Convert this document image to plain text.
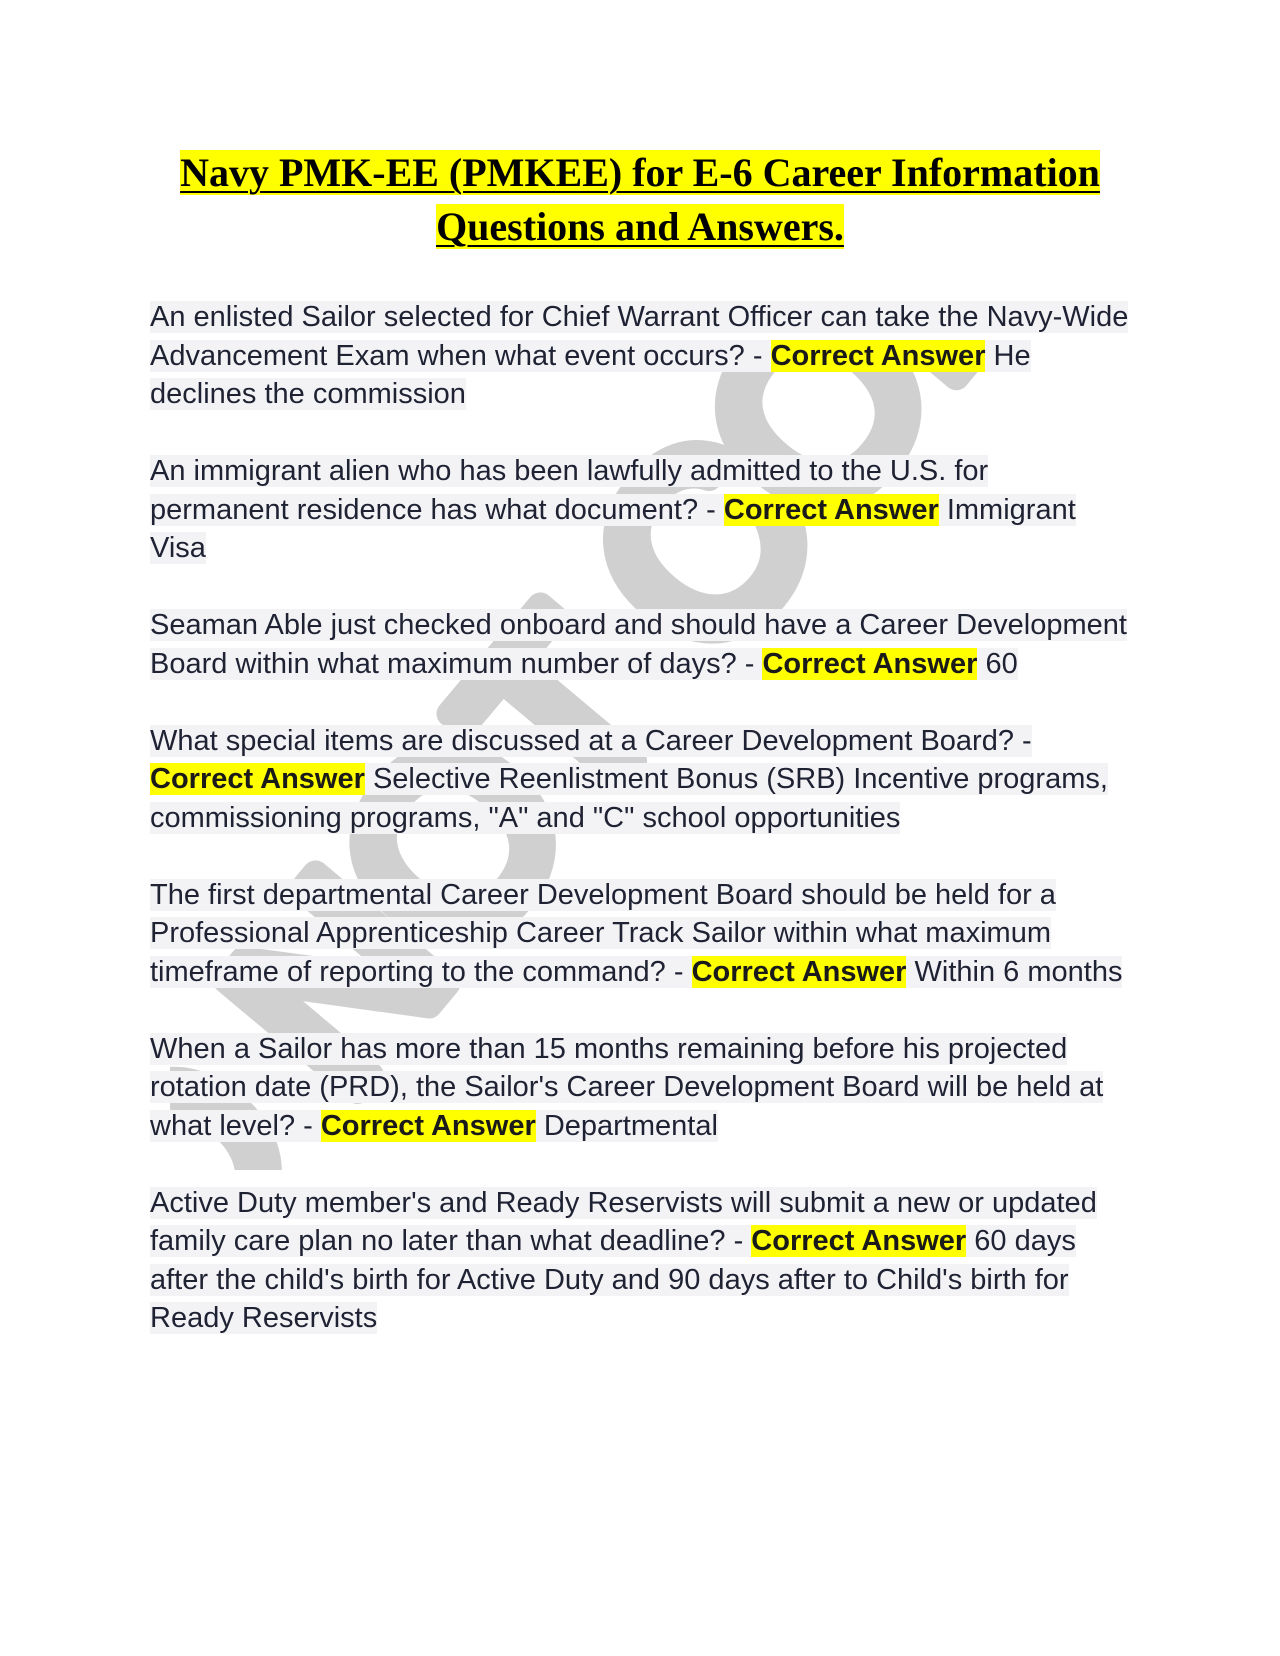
Navy PMK-EE (PMKEE) for E-6 Career Information Questions and Answers.

An enlisted Sailor selected for Chief Warrant Officer can take the Navy-Wide Advancement Exam when what event occurs? - Correct Answer He declines the commission

An immigrant alien who has been lawfully admitted to the U.S. for permanent residence has what document? - Correct Answer Immigrant Visa

Seaman Able just checked onboard and should have a Career Development Board within what maximum number of days? - Correct Answer 60

What special items are discussed at a Career Development Board? - Correct Answer Selective Reenlistment Bonus (SRB) Incentive programs, commissioning programs, "A" and "C" school opportunities

The first departmental Career Development Board should be held for a Professional Apprenticeship Career Track Sailor within what maximum timeframe of reporting to the command? - Correct Answer Within 6 months

When a Sailor has more than 15 months remaining before his projected rotation date (PRD), the Sailor's Career Development Board will be held at what level? - Correct Answer Departmental

Active Duty member's and Ready Reservists will submit a new or updated family care plan no later than what deadline? - Correct Answer 60 days after the child's birth for Active Duty and 90 days after to Child's birth for Ready Reservists
